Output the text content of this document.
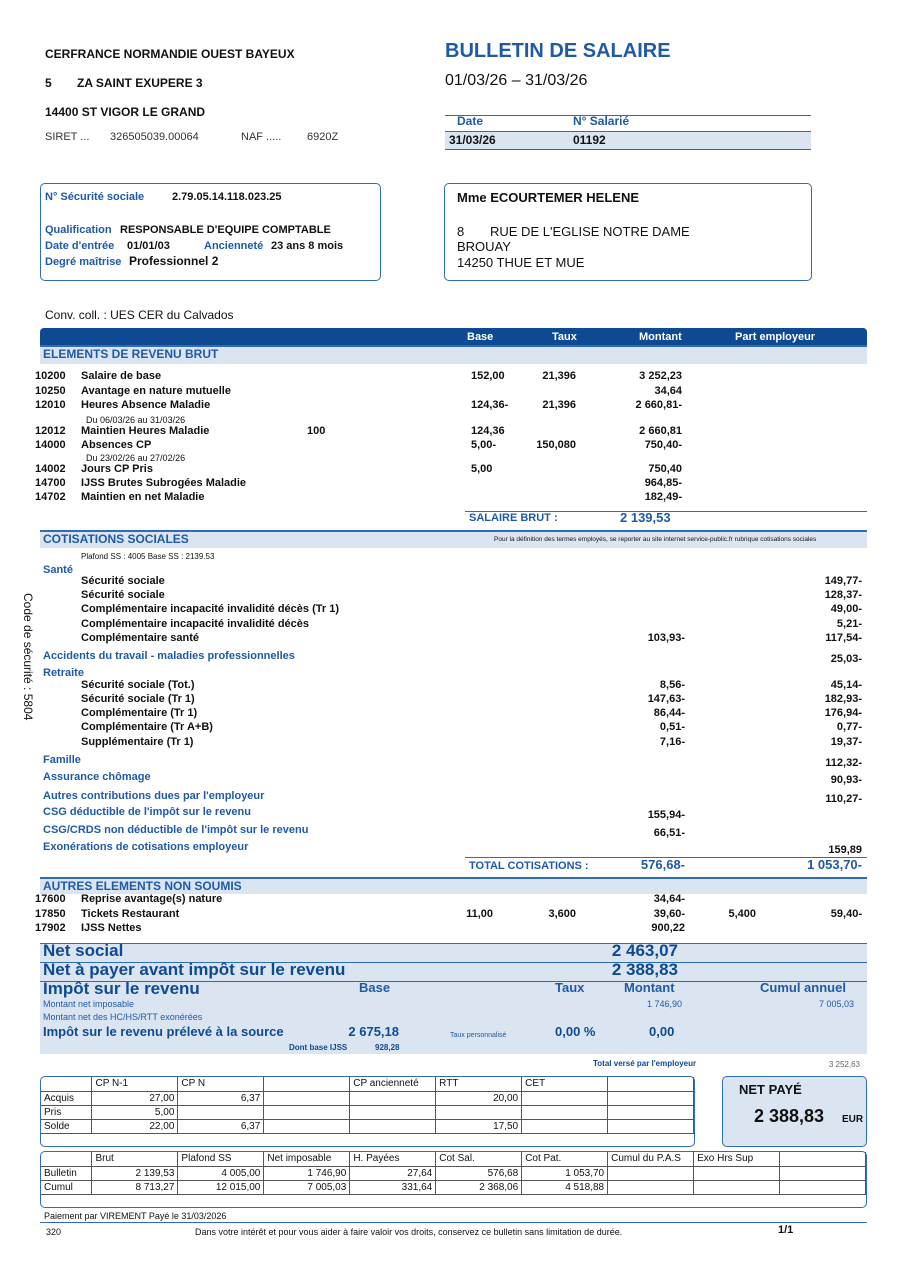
CERFRANCE NORMANDIE OUEST BAYEUX
5 ZA SAINT EXUPERE 3
14400 ST VIGOR LE GRAND
SIRET ... 326505039.00064	NAF ..... 6920Z
BULLETIN DE SALAIRE
01/03/26 – 31/03/26
Date	N° Salarié
31/03/26	01192
N° Sécurité sociale	2.79.05.14.118.023.25
Qualification RESPONSABLE D'EQUIPE COMPTABLE
Date d'entrée 01/01/03	Ancienneté 23 ans 8 mois
Degré maîtrise Professionnel 2
Mme ECOURTEMER HELENE
8 RUE DE L'EGLISE NOTRE DAME
BROUAY
14250 THUE ET MUE
Conv. coll. : UES CER du Calvados
Code de sécurité : 5804
Base	Taux	Montant	Part employeur
ELEMENTS DE REVENU BRUT
10200 Salaire de base	152,00	21,396	3 252,23
10250 Avantage en nature mutuelle	34,64
12010 Heures Absence Maladie	124,36-	21,396	2 660,81-
Du 06/03/26 au 31/03/26
12012 Maintien Heures Maladie	100	124,36	2 660,81
14000 Absences CP	5,00-	150,080	750,40-
Du 23/02/26 au 27/02/26
14002 Jours CP Pris	5,00	750,40
14700 IJSS Brutes Subrogées Maladie	964,85-
14702 Maintien en net Maladie	182,49-
SALAIRE BRUT :	2 139,53
COTISATIONS SOCIALES	Pour la définition des termes employés, se reporter au site internet service-public.fr rubrique cotisations sociales
Plafond SS : 4005 Base SS : 2139.53
Santé
Sécurité sociale	149,77-
Sécurité sociale	128,37-
Complémentaire incapacité invalidité décès (Tr 1)	49,00-
Complémentaire incapacité invalidité décès	5,21-
Complémentaire santé	103,93-	117,54-
Accidents du travail - maladies professionnelles	25,03-
Retraite
Sécurité sociale (Tot.)	8,56-	45,14-
Sécurité sociale (Tr 1)	147,63-	182,93-
Complémentaire (Tr 1)	86,44-	176,94-
Complémentaire (Tr A+B)	0,51-	0,77-
Supplémentaire (Tr 1)	7,16-	19,37-
Famille	112,32-
Assurance chômage	90,93-
Autres contributions dues par l'employeur	110,27-
CSG déductible de l'impôt sur le revenu	155,94-
CSG/CRDS non déductible de l'impôt sur le revenu	66,51-
Exonérations de cotisations employeur	159,89
TOTAL COTISATIONS :	576,68-	1 053,70-
AUTRES ELEMENTS NON SOUMIS
17600 Reprise avantage(s) nature	34,64-
17850 Tickets Restaurant	11,00	3,600	39,60-	5,400	59,40-
17902 IJSS Nettes	900,22
Net social	2 463,07
Net à payer avant impôt sur le revenu	2 388,83
Impôt sur le revenu	Base	Taux	Montant	Cumul annuel
Montant net imposable	1 746,90	7 005,03
Montant net des HC/HS/RTT exonérées
Impôt sur le revenu prélevé à la source	2 675,18	Taux personnalisé	0,00 %	0,00
Dont base IJSS	928,28
Total versé par l'employeur	3 252,63
	CP N-1	CP N		CP ancienneté	RTT	CET	
Acquis	27,00	6,37			20,00		
Pris	5,00						
Solde	22,00	6,37			17,50		
NET PAYÉ
2 388,83 EUR
	Brut	Plafond SS	Net imposable	H. Payées	Cot Sal.	Cot Pat.	Cumul du P.A.S	Exo Hrs Sup	
Bulletin	2 139,53	4 005,00	1 746,90	27,64	576,68	1 053,70			
Cumul	8 713,27	12 015,00	7 005,03	331,64	2 368,06	4 518,88			
Paiement par VIREMENT Payé le 31/03/2026
320	Dans votre intérêt et pour vous aider à faire valoir vos droits, conservez ce bulletin sans limitation de durée.	1/1
